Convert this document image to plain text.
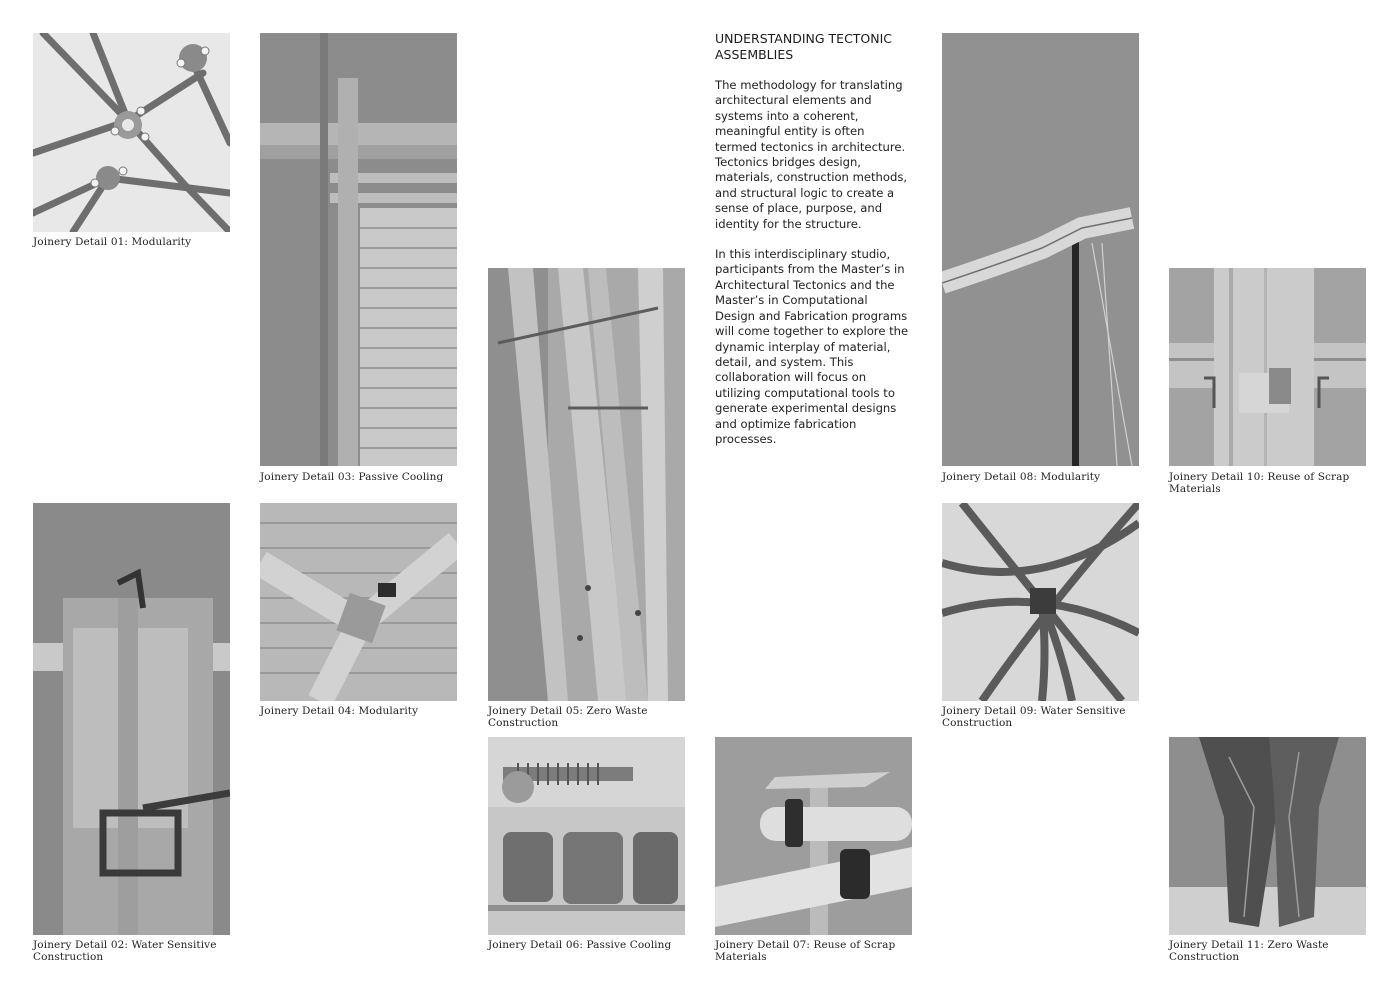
UNDERSTANDING TECTONIC ASSEMBLIES

The methodology for translating architectural elements and systems into a coherent, meaningful entity is often termed tectonics in architecture. Tectonics bridges design, materials, construction methods, and structural logic to create a sense of place, purpose, and identity for the structure.

In this interdisciplinary studio, participants from the Master’s in Architectural Tectonics and the Master’s in Computational Design and Fabrication programs will come together to explore the dynamic interplay of material, detail, and system. This collaboration will focus on utilizing computational tools to generate experimental designs and optimize fabrication processes.

Joinery Detail 01: Modularity
Joinery Detail 03: Passive Cooling
Joinery Detail 05: Zero Waste
Construction
Joinery Detail 08: Modularity	Joinery Detail 10: Reuse of Scrap
Materials
Joinery Detail 02: Water Sensitive
Construction
Joinery Detail 04: Modularity	Joinery Detail 09: Water Sensitive
Construction
Joinery Detail 06: Passive Cooling	Joinery Detail 07: Reuse of Scrap
Materials
Joinery Detail 11: Zero Waste
Construction
